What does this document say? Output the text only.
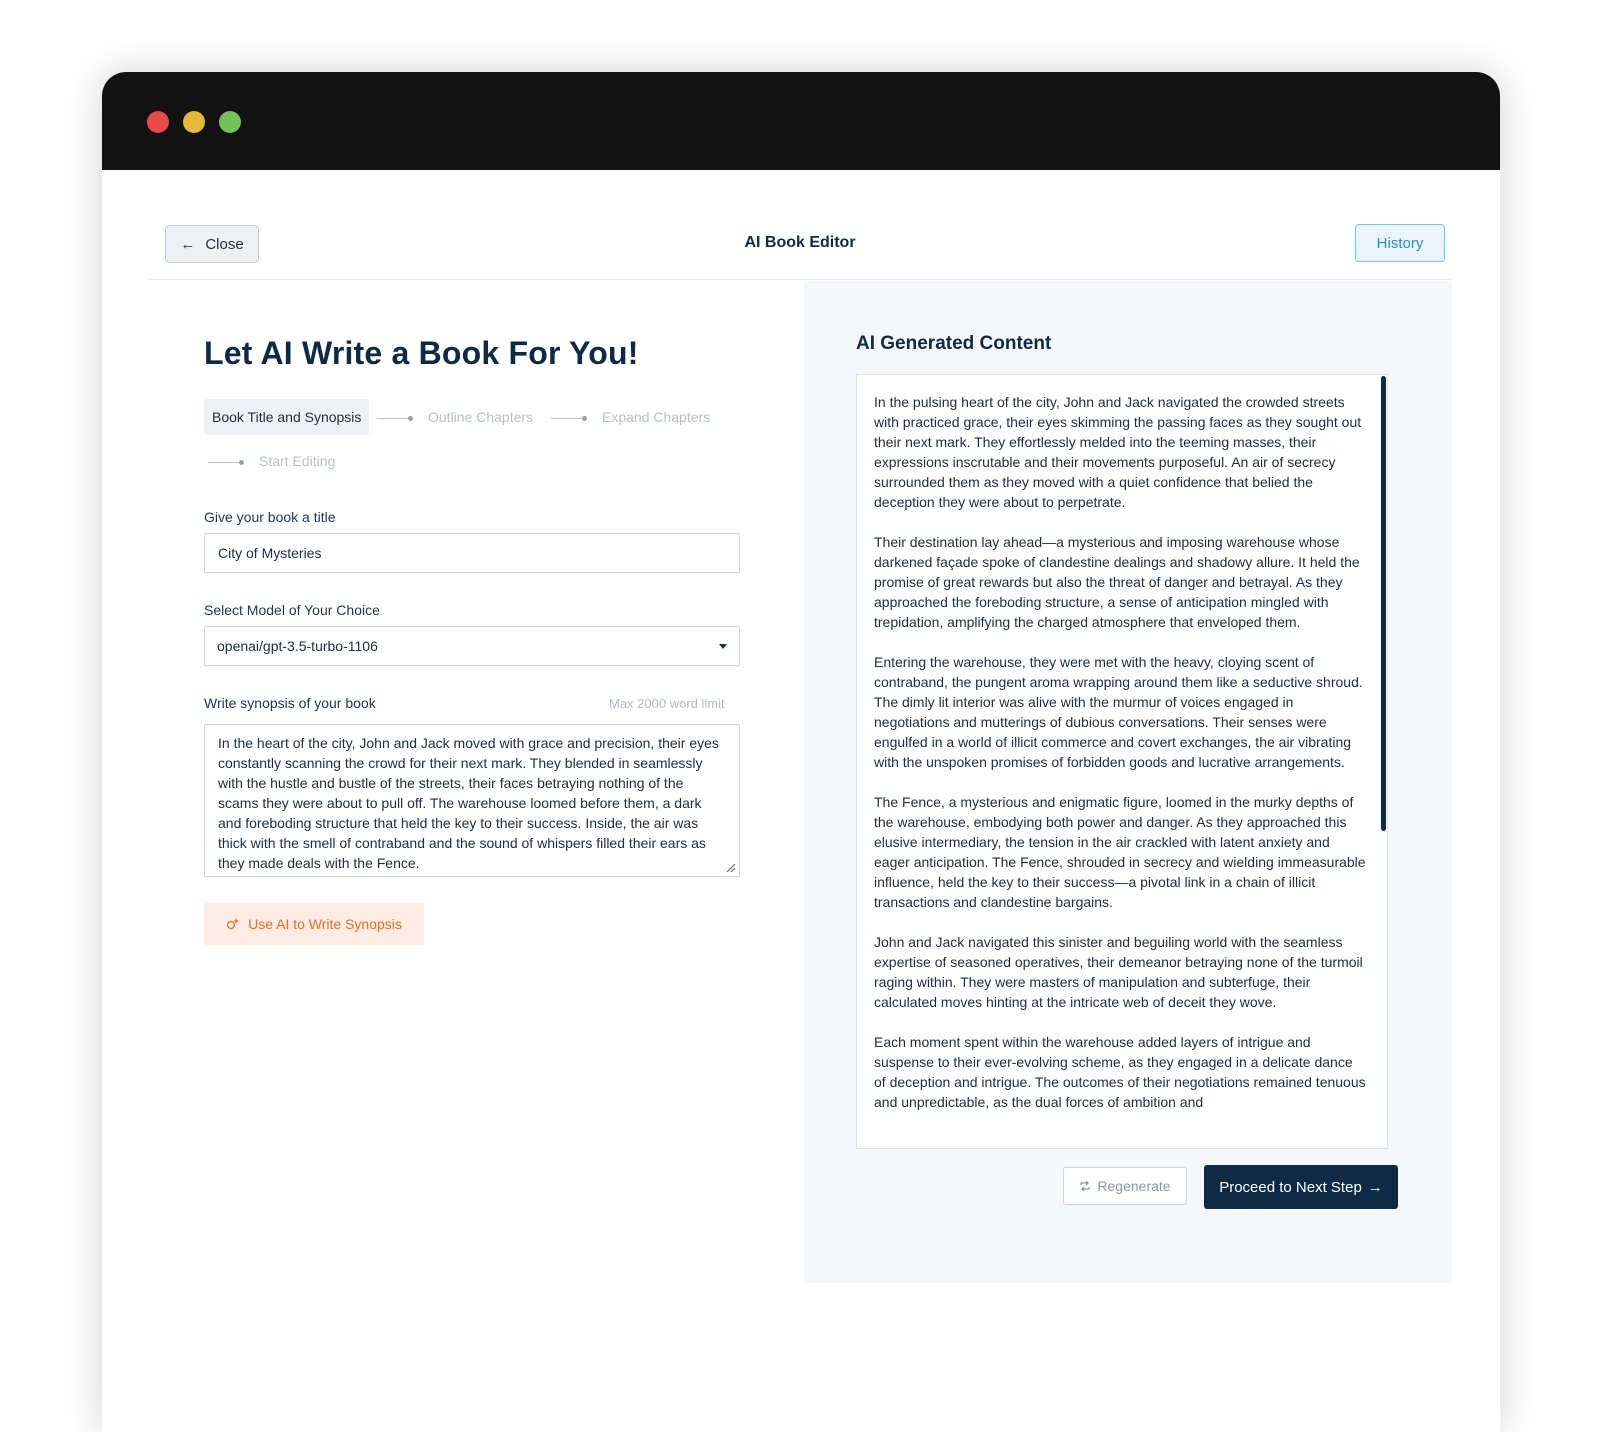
← Close	AI Book Editor	History
Let AI Write a Book For You!
Book Title and Synopsis	Outline Chapters	Expand Chapters
Start Editing
Give your book a title
City of Mysteries
Select Model of Your Choice
openai/gpt-3.5-turbo-1106
Write synopsis of your book	Max 2000 word limit
In the heart of the city, John and Jack moved with grace and precision, their eyes constantly scanning the crowd for their next mark. They blended in seamlessly with the hustle and bustle of the streets, their faces betraying nothing of the scams they were about to pull off. The warehouse loomed before them, a dark and foreboding structure that held the key to their success. Inside, the air was thick with the smell of contraband and the sound of whispers filled their ears as they made deals with the Fence.
Use AI to Write Synopsis
AI Generated Content

In the pulsing heart of the city, John and Jack navigated the crowded streets with practiced grace, their eyes skimming the passing faces as they sought out their next mark. They effortlessly melded into the teeming masses, their expressions inscrutable and their movements purposeful. An air of secrecy surrounded them as they moved with a quiet confidence that belied the deception they were about to perpetrate.

Their destination lay ahead—a mysterious and imposing warehouse whose darkened façade spoke of clandestine dealings and shadowy allure. It held the promise of great rewards but also the threat of danger and betrayal. As they approached the foreboding structure, a sense of anticipation mingled with trepidation, amplifying the charged atmosphere that enveloped them.

Entering the warehouse, they were met with the heavy, cloying scent of contraband, the pungent aroma wrapping around them like a seductive shroud. The dimly lit interior was alive with the murmur of voices engaged in negotiations and mutterings of dubious conversations. Their senses were engulfed in a world of illicit commerce and covert exchanges, the air vibrating with the unspoken promises of forbidden goods and lucrative arrangements.

The Fence, a mysterious and enigmatic figure, loomed in the murky depths of the warehouse, embodying both power and danger. As they approached this elusive intermediary, the tension in the air crackled with latent anxiety and eager anticipation. The Fence, shrouded in secrecy and wielding immeasurable influence, held the key to their success—a pivotal link in a chain of illicit transactions and clandestine bargains.

John and Jack navigated this sinister and beguiling world with the seamless expertise of seasoned operatives, their demeanor betraying none of the turmoil raging within. They were masters of manipulation and subterfuge, their calculated moves hinting at the intricate web of deceit they wove.

Each moment spent within the warehouse added layers of intrigue and suspense to their ever-evolving scheme, as they engaged in a delicate dance of deception and intrigue. The outcomes of their negotiations remained tenuous and unpredictable, as the dual forces of ambition and

Regenerate	Proceed to Next Step →
